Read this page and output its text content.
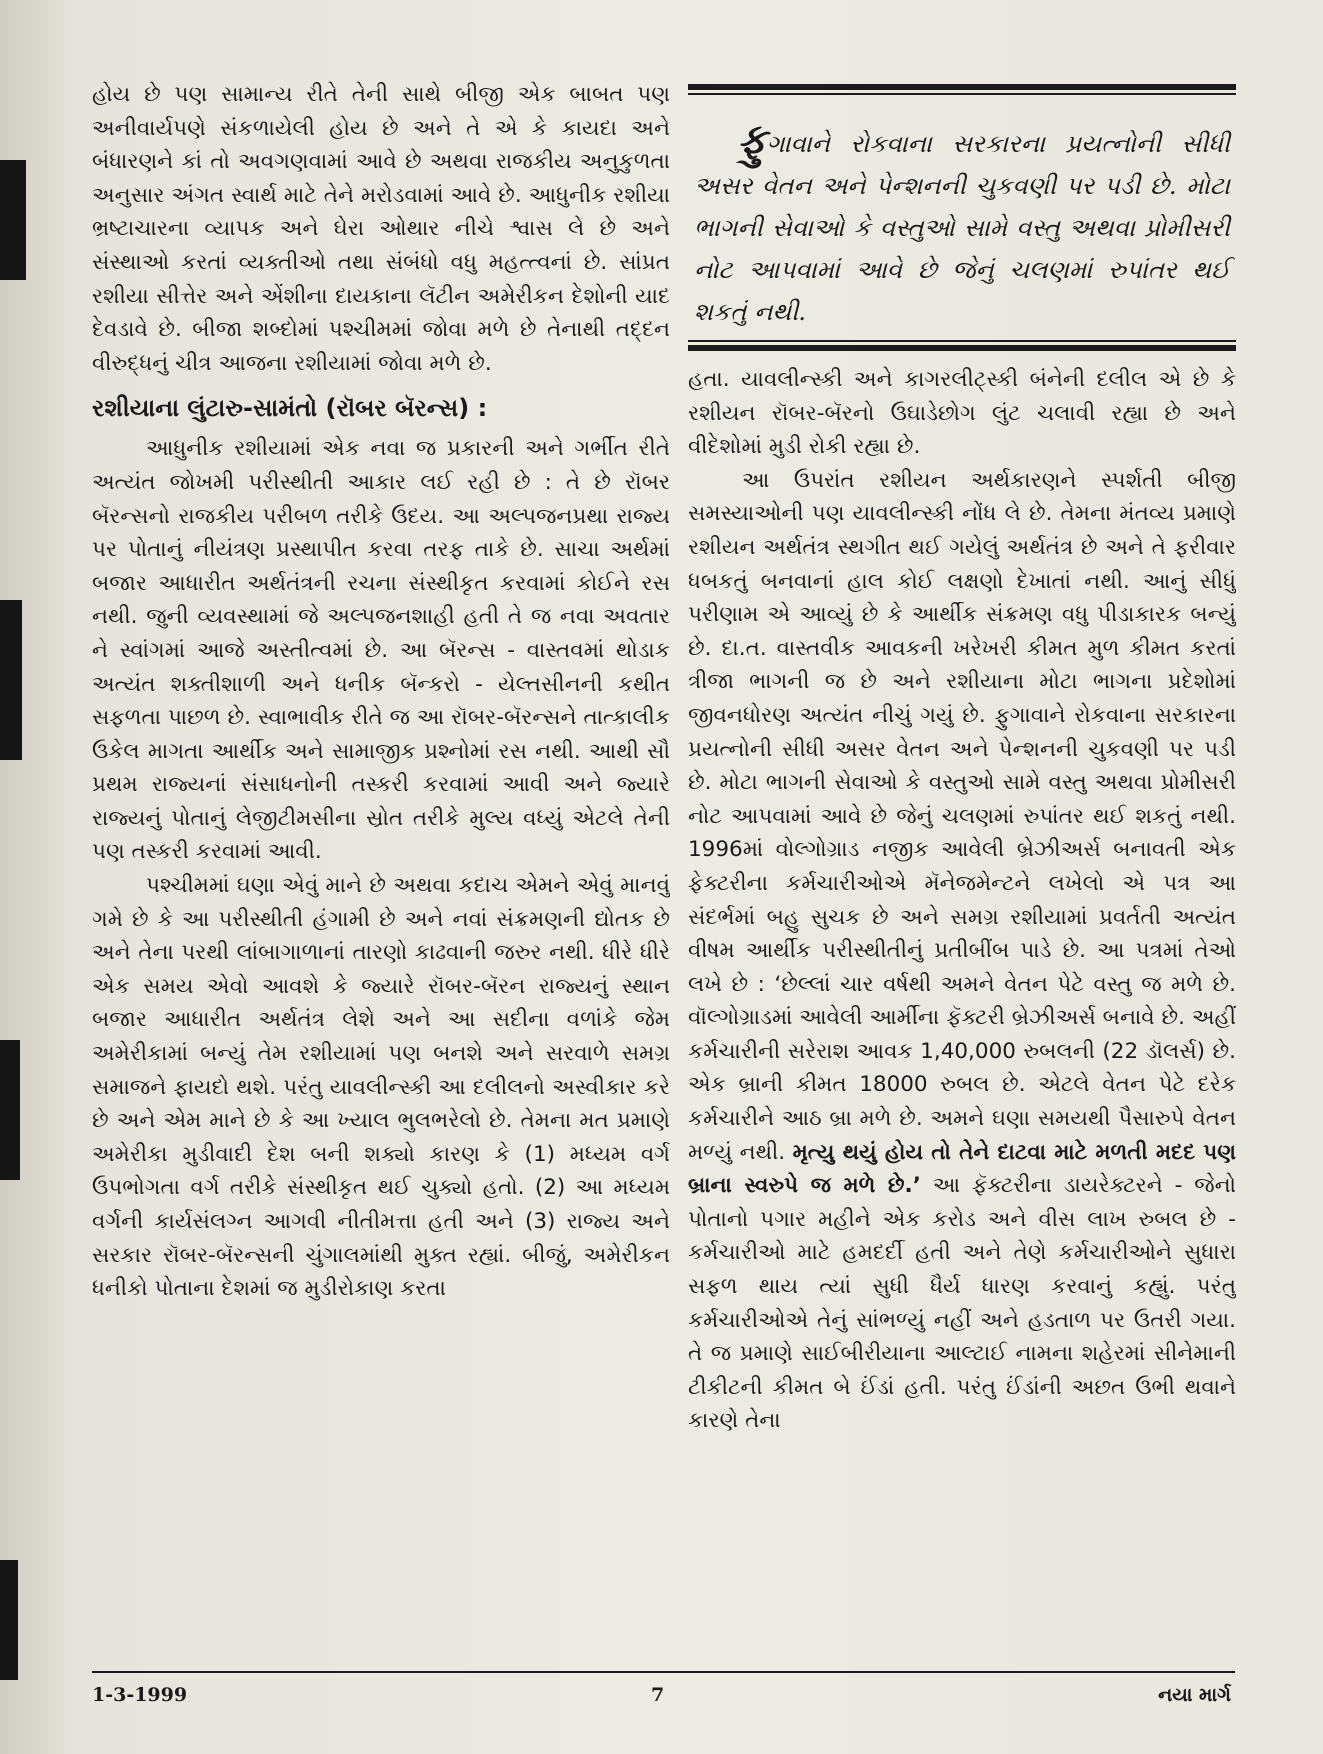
હોય છે પણ સામાન્ય રીતે તેની સાથે બીજી એક બાબત પણ અનીવાર્યપણે સંકળાયેલી હોય છે અને તે એ કે કાયદા અને બંધારણને કાં તો અવગણવામાં આવે છે અથવા રાજકીય અનુકુળતા અનુસાર અંગત સ્વાર્થ માટે તેને મરોડવામાં આવે છે. આધુનીક રશીયા ભ્રષ્ટાચારના વ્યાપક અને ઘેરા ઓથાર નીચે શ્વાસ લે છે અને સંસ્થાઓ કરતાં વ્યક્તીઓ તથા સંબંધો વધુ મહત્ત્વનાં છે. સાંપ્રત રશીયા સીત્તેર અને એંશીના દાયકાના લૅટીન અમેરીકન દેશોની યાદ દેવડાવે છે. બીજા શબ્દોમાં પશ્ચીમમાં જોવા મળે છે તેનાથી તદ્દન વીરુદ્ધનું ચીત્ર આજના રશીયામાં જોવા મળે છે.

રશીયાના લુંટારુ-સામંતો (રૉબર બૅરન્સ) :

આધુનીક રશીયામાં એક નવા જ પ્રકારની અને ગર્ભીત રીતે અત્યંત જોખમી પરીસ્થીતી આકાર લઈ રહી છે : તે છે રૉબર બૅરન્સનો રાજકીય પરીબળ તરીકે ઉદય. આ અલ્પજનપ્રથા રાજ્ય પર પોતાનું નીયંત્રણ પ્રસ્થાપીત કરવા તરફ તાકે છે. સાચા અર્થમાં બજાર આધારીત અર્થતંત્રની રચના સંસ્થીકૃત કરવામાં કોઈને રસ નથી. જુની વ્યવસ્થામાં જે અલ્પજનશાહી હતી તે જ નવા અવતાર ને સ્વાંગમાં આજે અસ્તીત્વમાં છે. આ બૅરન્સ - વાસ્તવમાં થોડાક અત્યંત શક્તીશાળી અને ધનીક બૅન્કરો - યેલ્તસીનની કથીત સફળતા પાછળ છે. સ્વાભાવીક રીતે જ આ રૉબર-બૅરન્સને તાત્કાલીક ઉકેલ માગતા આર્થીક અને સામાજીક પ્રશ્નોમાં રસ નથી. આથી સૌ પ્રથમ રાજ્યનાં સંસાધનોની તસ્કરી કરવામાં આવી અને જ્યારે રાજ્યનું પોતાનું લેજીટીમસીના સ્રોત તરીકે મુલ્ય વધ્યું એટલે તેની પણ તસ્કરી કરવામાં આવી.

પશ્ચીમમાં ઘણા એવું માને છે અથવા કદાચ એમને એવું માનવું ગમે છે કે આ પરીસ્થીતી હંગામી છે અને નવાં સંક્રમણની દ્યોતક છે અને તેના પરથી લાંબાગાળાનાં તારણો કાઢવાની જરુર નથી. ધીરે ધીરે એક સમય એવો આવશે કે જ્યારે રૉબર-બૅરન રાજ્યનું સ્થાન બજાર આધારીત અર્થતંત્ર લેશે અને આ સદીના વળાંકે જેમ અમેરીકામાં બન્યું તેમ રશીયામાં પણ બનશે અને સરવાળે સમગ્ર સમાજને ફાયદો થશે. પરંતુ યાવલીન્સ્કી આ દલીલનો અસ્વીકાર કરે છે અને એમ માને છે કે આ ખ્યાલ ભુલભરેલો છે. તેમના મત પ્રમાણે અમેરીકા મુડીવાદી દેશ બની શક્યો કારણ કે (1) મધ્યમ વર્ગ ઉપભોગતા વર્ગ તરીકે સંસ્થીકૃત થઈ ચુક્યો હતો. (2) આ મધ્યમ વર્ગની કાર્યસંલગ્ન આગવી નીતીમત્તા હતી અને (3) રાજ્ય અને સરકાર રૉબર-બૅરન્સની ચુંગાલમાંથી મુક્ત રહ્યાં. બીજું, અમેરીકન ધનીકો પોતાના દેશમાં જ મુડીરોકાણ કરતા

ફુગાવાને રોકવાના સરકારના પ્રયત્નોની સીધી અસર વેતન અને પેન્શનની ચુકવણી પર પડી છે. મોટા ભાગની સેવાઓ કે વસ્તુઓ સામે વસ્તુ અથવા પ્રોમીસરી નોટ આપવામાં આવે છે જેનું ચલણમાં રુપાંતર થઈ શકતું નથી.

હતા. યાવલીન્સ્કી અને કાગરલીટ્સ્કી બંનેની દલીલ એ છે કે રશીયન રૉબર-બૅરનો ઉઘાડેછોગ લુંટ ચલાવી રહ્યા છે અને વીદેશોમાં મુડી રોકી રહ્યા છે.

આ ઉપરાંત રશીયન અર્થકારણને સ્પર્શતી બીજી સમસ્યાઓની પણ યાવલીન્સ્કી નોંધ લે છે. તેમના મંતવ્ય પ્રમાણે રશીયન અર્થતંત્ર સ્થગીત થઈ ગયેલું અર્થતંત્ર છે અને તે ફરીવાર ધબકતું બનવાનાં હાલ કોઈ લક્ષણો દેખાતાં નથી. આનું સીધું પરીણામ એ આવ્યું છે કે આર્થીક સંક્રમણ વધુ પીડાકારક બન્યું છે. દા.ત. વાસ્તવીક આવકની ખરેખરી કીમત મુળ કીમત કરતાં ત્રીજા ભાગની જ છે અને રશીયાના મોટા ભાગના પ્રદેશોમાં જીવનધોરણ અત્યંત નીચું ગયું છે. ફુગાવાને રોકવાના સરકારના પ્રયત્નોની સીધી અસર વેતન અને પેન્શનની ચુકવણી પર પડી છે. મોટા ભાગની સેવાઓ કે વસ્તુઓ સામે વસ્તુ અથવા પ્રોમીસરી નોટ આપવામાં આવે છે જેનું ચલણમાં રુપાંતર થઈ શકતું નથી. 1996માં વોલ્ગોગ્રાડ નજીક આવેલી બ્રેઝીઅર્સ બનાવતી એક ફેક્ટરીના કર્મચારીઓએ મૅનેજમેન્ટને લખેલો એ પત્ર આ સંદર્ભમાં બહુ સુચક છે અને સમગ્ર રશીયામાં પ્રવર્તતી અત્યંત વીષમ આર્થીક પરીસ્થીતીનું પ્રતીબીંબ પાડે છે. આ પત્રમાં તેઓ લખે છે : ‘છેલ્લાં ચાર વર્ષથી અમને વેતન પેટે વસ્તુ જ મળે છે. વૉલ્ગોગ્રાડમાં આવેલી આર્મીના ફૅક્ટરી બ્રેઝીઅર્સ બનાવે છે. અહીં કર્મચારીની સરેરાશ આવક 1,40,000 રુબલની (22 ડૉલર્સ) છે. એક બ્રાની કીમત 18000 રુબલ છે. એટલે વેતન પેટે દરેક કર્મચારીને આઠ બ્રા મળે છે. અમને ઘણા સમયથી પૈસારુપે વેતન મળ્યું નથી. મૃત્યુ થયું હોય તો તેને દાટવા માટે મળતી મદદ પણ બ્રાના સ્વરુપે જ મળે છે.’ આ ફૅક્ટરીના ડાયરેક્ટરને - જેનો પોતાનો પગાર મહીને એક કરોડ અને વીસ લાખ રુબલ છે - કર્મચારીઓ માટે હમદર્દી હતી અને તેણે કર્મચારીઓને સુધારા સફળ થાય ત્યાં સુધી ધૈર્ય ધારણ કરવાનું કહ્યું. પરંતુ કર્મચારીઓએ તેનું સાંભળ્યું નહીં અને હડતાળ પર ઉતરી ગયા. તે જ પ્રમાણે સાઈબીરીયાના આલ્ટાઈ નામના શહેરમાં સીનેમાની ટીકીટની કીમત બે ઈંડાં હતી. પરંતુ ઈંડાંની અછત ઉભી થવાને કારણે તેના

1-3-1999	7	નયા માર્ગ
